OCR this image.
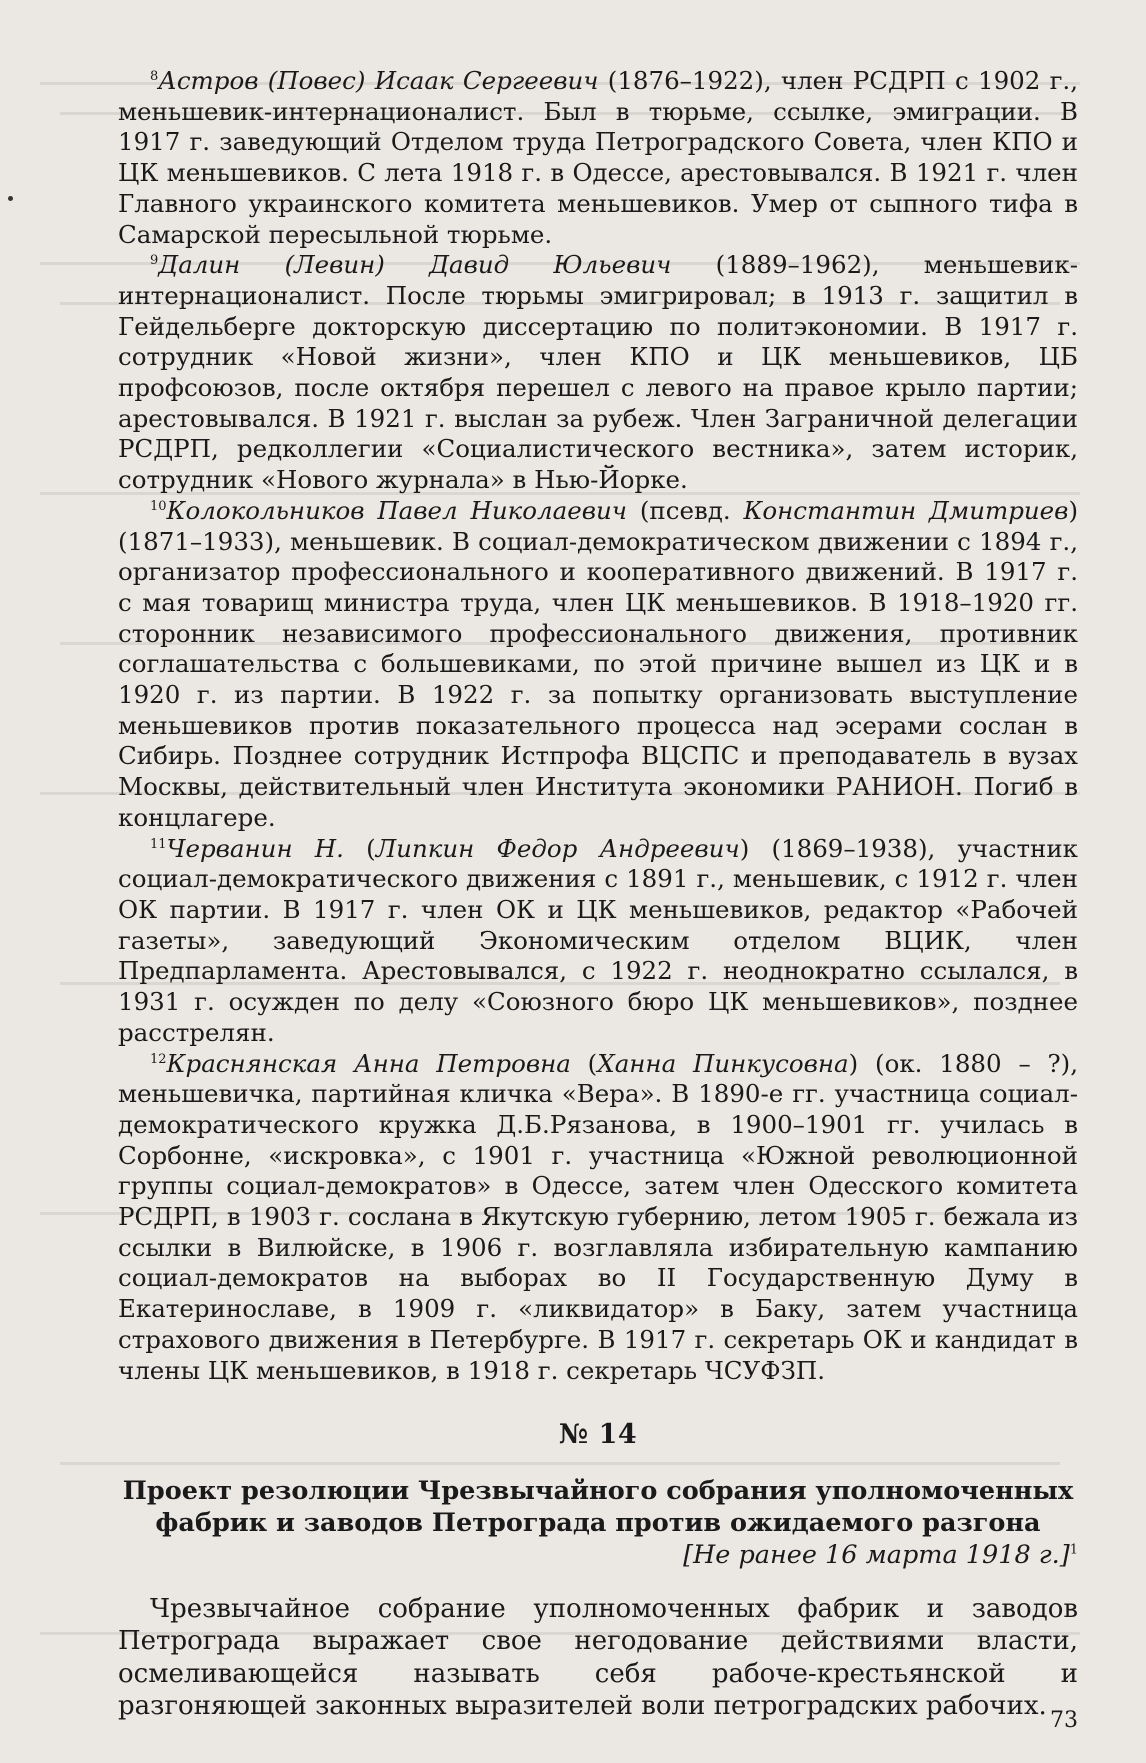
$^8$Астров (Повес) Исаак Сергеевич (1876–1922), член РСДРП с 1902 г., меньшевик-интернационалист. Был в тюрьме, ссылке, эмиграции. В 1917 г. заведующий Отделом труда Петроградского Совета, член КПО и ЦК меньшевиков. С лета 1918 г. в Одессе, арестовывался. В 1921 г. член Главного украинского комитета меньшевиков. Умер от сыпного тифа в Самарской пересыльной тюрьме.

$^9$Далин (Левин) Давид Юльевич (1889–1962), меньшевик-интернационалист. После тюрьмы эмигрировал; в 1913 г. защитил в Гейдельберге докторскую диссертацию по политэкономии. В 1917 г. сотрудник «Новой жизни», член КПО и ЦК меньшевиков, ЦБ профсоюзов, после октября перешел с левого на правое крыло партии; арестовывался. В 1921 г. выслан за рубеж. Член Заграничной делегации РСДРП, редколлегии «Социалистического вестника», затем историк, сотрудник «Нового журнала» в Нью-Йорке.

$^{10}$Колокольников Павел Николаевич (псевд. Константин Дмитриев) (1871–1933), меньшевик. В социал-демократическом движении с 1894 г., организатор профессионального и кооперативного движений. В 1917 г. с мая товарищ министра труда, член ЦК меньшевиков. В 1918–1920 гг. сторонник независимого профессионального движения, противник соглашательства с большевиками, по этой причине вышел из ЦК и в 1920 г. из партии. В 1922 г. за попытку организовать выступление меньшевиков против показательного процесса над эсерами сослан в Сибирь. Позднее сотрудник Истпрофа ВЦСПС и преподаватель в вузах Москвы, действительный член Института экономики РАНИОН. Погиб в концлагере.

$^{11}$Черванин Н. (Липкин Федор Андреевич) (1869–1938), участник социал-демократического движения с 1891 г., меньшевик, с 1912 г. член ОК партии. В 1917 г. член ОК и ЦК меньшевиков, редактор «Рабочей газеты», заведующий Экономическим отделом ВЦИК, член Предпарламента. Арестовывался, с 1922 г. неоднократно ссылался, в 1931 г. осужден по делу «Союзного бюро ЦК меньшевиков», позднее расстрелян.

$^{12}$Краснянская Анна Петровна (Ханна Пинкусовна) (ок. 1880 – ?), меньшевичка, партийная кличка «Вера». В 1890-е гг. участница социал-демократического кружка Д.Б.Рязанова, в 1900–1901 гг. училась в Сорбонне, «искровка», с 1901 г. участница «Южной революционной группы социал-демократов» в Одессе, затем член Одесского комитета РСДРП, в 1903 г. сослана в Якутскую губернию, летом 1905 г. бежала из ссылки в Вилюйске, в 1906 г. возглавляла избирательную кампанию социал-демократов на выборах во II Государственную Думу в Екатеринославе, в 1909 г. «ликвидатор» в Баку, затем участница страхового движения в Петербурге. В 1917 г. секретарь ОК и кандидат в члены ЦК меньшевиков, в 1918 г. секретарь ЧСУФЗП.

№ 14

Проект резолюции Чрезвычайного собрания уполномоченных

фабрик и заводов Петрограда против ожидаемого разгона

[Не ранее 16 марта 1918 г.]$^1$

Чрезвычайное собрание уполномоченных фабрик и заводов Петрограда выражает свое негодование действиями власти, осмеливающейся называть себя рабоче-крестьянской и разгоняющей законных выразителей воли петроградских рабочих. 73
